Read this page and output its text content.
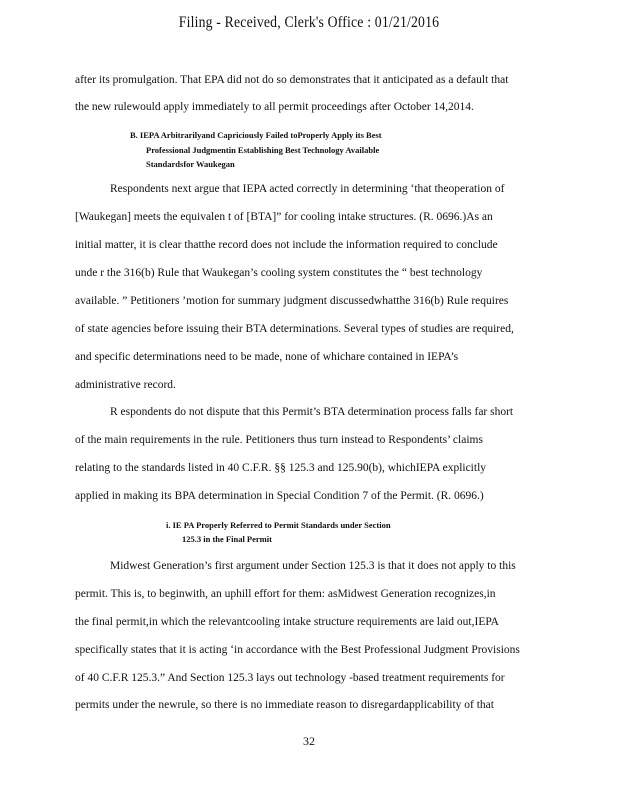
Filing - Received, Clerk's Office : 01/21/2016
after its promulgation. That EPA did not do so demonstrates that it anticipated as a default that
the new rulewould apply immediately to all permit proceedings after October 14,2014.
B. IEPA Arbitrarilyand Capriciously Failed toProperly Apply its Best
Professional Judgmentin Establishing Best Technology Available
Standardsfor Waukegan
Respondents next argue that IEPA acted correctly in determining ‘that theoperation of
[Waukegan] meets the equivalen t of [BTA]” for cooling intake structures. (R. 0696.)As an
initial matter, it is clear thatthe record does not include the information required to conclude
unde r the 316(b) Rule that Waukegan’s cooling system constitutes the “ best technology
available. ” Petitioners ’motion for summary judgment discussedwhatthe 316(b) Rule requires
of state agencies before issuing their BTA determinations. Several types of studies are required,
and specific determinations need to be made, none of whichare contained in IEPA’s
administrative record.
R espondents do not dispute that this Permit’s BTA determination process falls far short
of the main requirements in the rule. Petitioners thus turn instead to Respondents’ claims
relating to the standards listed in 40 C.F.R. §§ 125.3 and 125.90(b), whichIEPA explicitly
applied in making its BPA determination in Special Condition 7 of the Permit. (R. 0696.)
i. IE PA Properly Referred to Permit Standards under Section
125.3 in the Final Permit
Midwest Generation’s first argument under Section 125.3 is that it does not apply to this
permit. This is, to beginwith, an uphill effort for them: asMidwest Generation recognizes,in
the final permit,in which the relevantcooling intake structure requirements are laid out,IEPA
specifically states that it is acting ‘in accordance with the Best Professional Judgment Provisions
of 40 C.F.R 125.3.” And Section 125.3 lays out technology -based treatment requirements for
permits under the newrule, so there is no immediate reason to disregardapplicability of that
32
